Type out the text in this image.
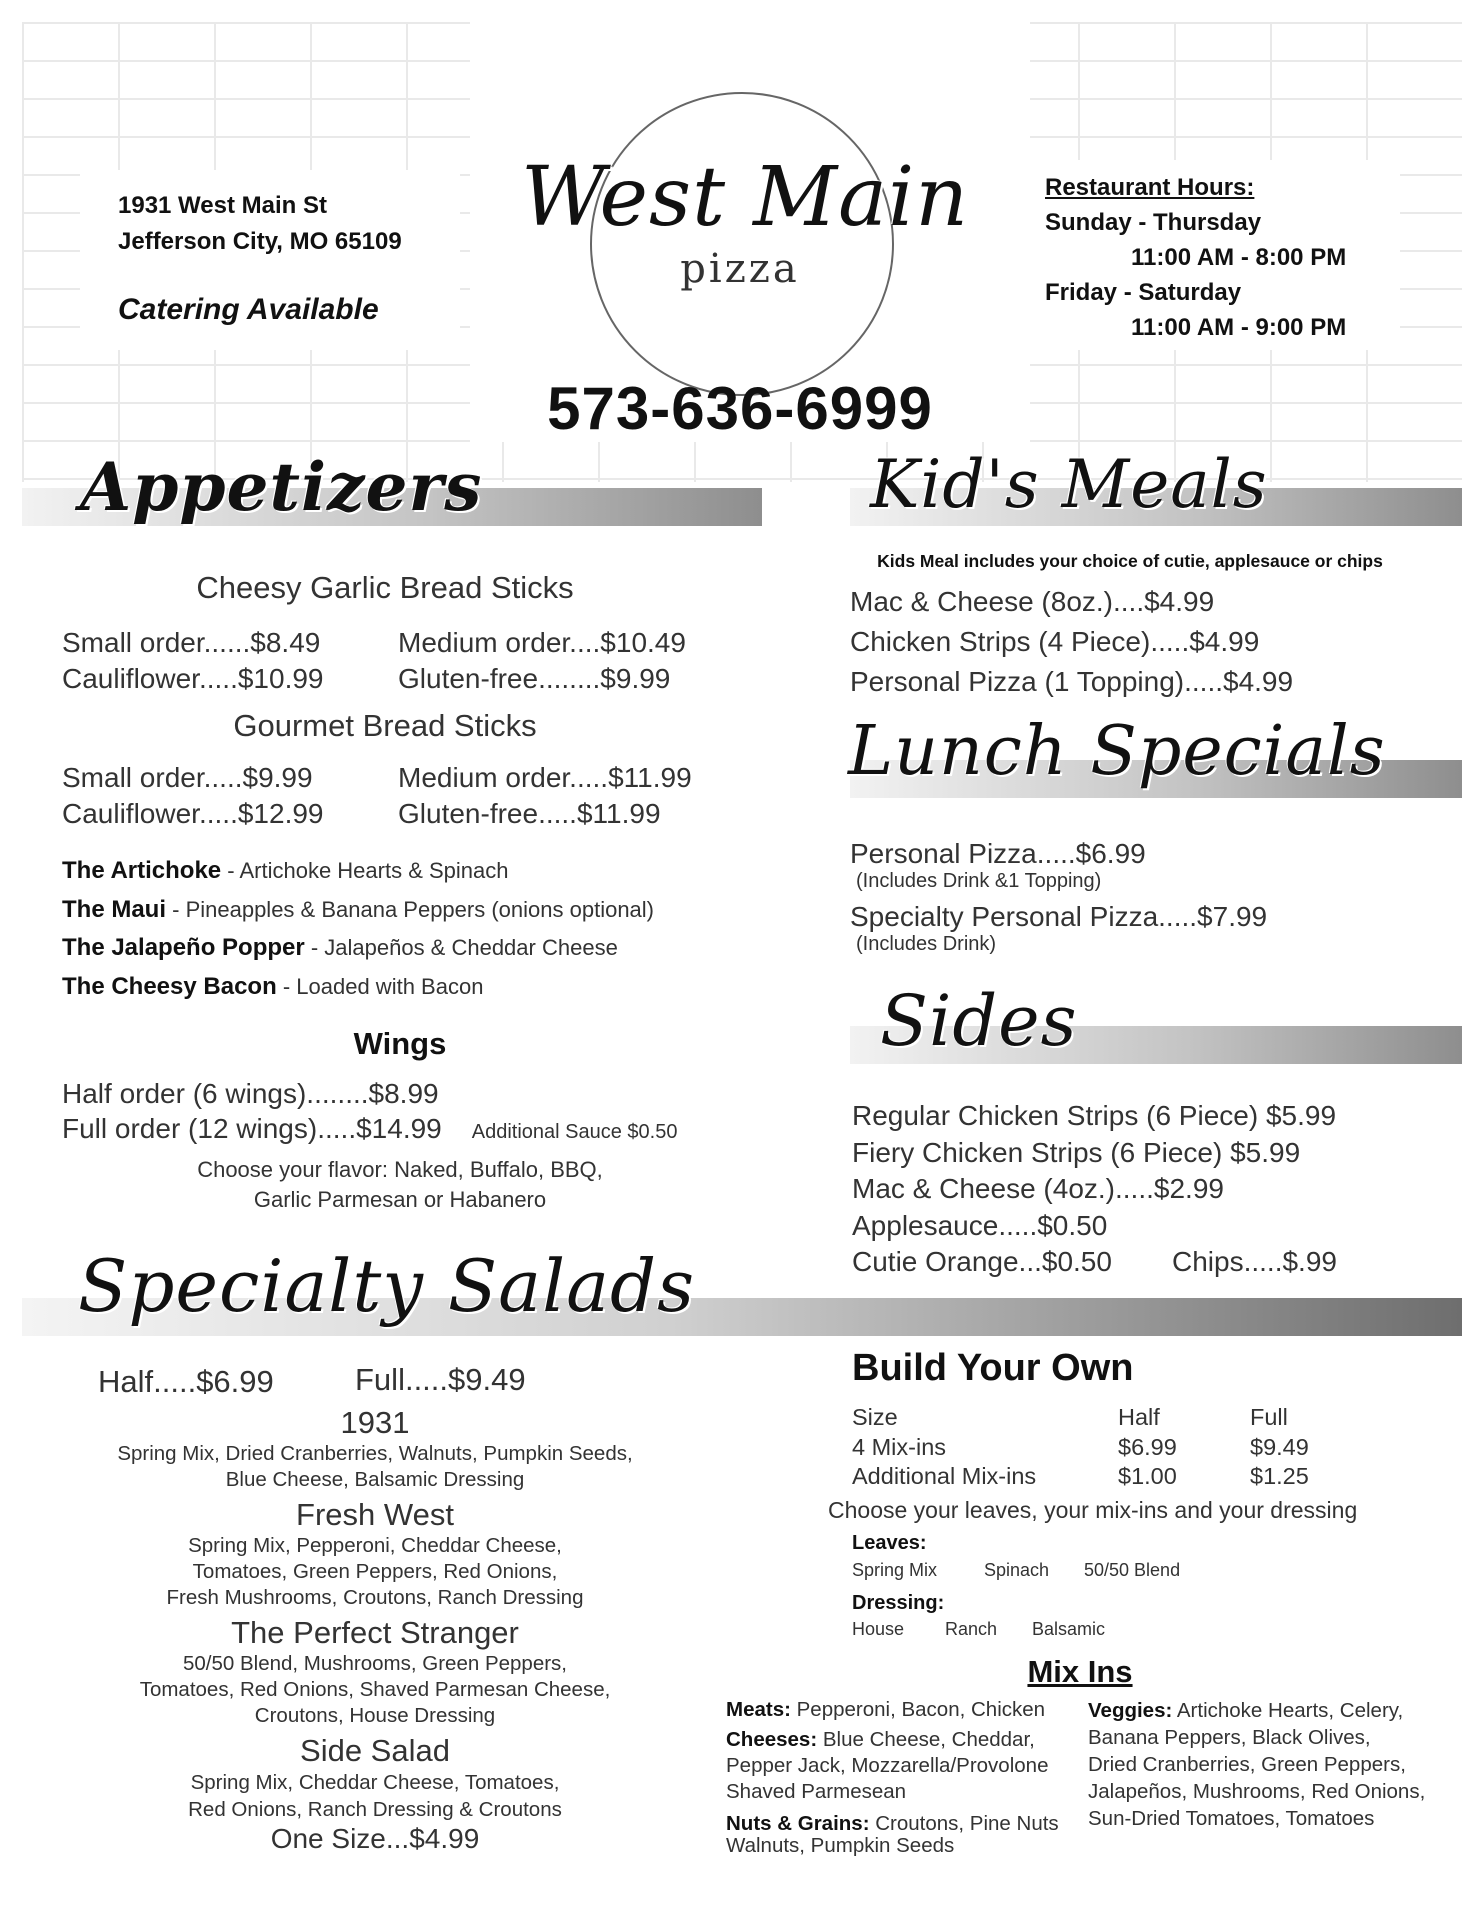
1931 West Main St
Jefferson City, MO 65109
Catering Available
West Main
pizza
573-636-6999
Restaurant Hours:
Sunday - Thursday
11:00 AM - 8:00 PM
Friday - Saturday
11:00 AM - 9:00 PM
Appetizers
Cheesy Garlic Bread Sticks
Small order......$8.49	Medium order....$10.49
Cauliflower.....$10.99	Gluten-free........$9.99
Gourmet Bread Sticks
Small order.....$9.99	Medium order.....$11.99
Cauliflower.....$12.99	Gluten-free.....$11.99
The Artichoke - Artichoke Hearts & Spinach
The Maui - Pineapples & Banana Peppers (onions optional)
The Jalapeño Popper - Jalapeños & Cheddar Cheese
The Cheesy Bacon - Loaded with Bacon
Wings
Half order (6 wings)........$8.99
Full order (12 wings).....$14.99 Additional Sauce $0.50
Choose your flavor: Naked, Buffalo, BBQ,
Garlic Parmesan or Habanero
Kid's Meals
Kids Meal includes your choice of cutie, applesauce or chips
Mac & Cheese (8oz.)....$4.99
Chicken Strips (4 Piece).....$4.99
Personal Pizza (1 Topping).....$4.99
Lunch Specials
Personal Pizza.....$6.99
(Includes Drink &1 Topping)
Specialty Personal Pizza.....$7.99
(Includes Drink)
Sides
Regular Chicken Strips (6 Piece) $5.99
Fiery Chicken Strips (6 Piece) $5.99
Mac & Cheese (4oz.).....$2.99
Applesauce.....$0.50
Cutie Orange...$0.50 Chips.....$.99
Specialty Salads
Half.....$6.99	Full.....$9.49
1931
Spring Mix, Dried Cranberries, Walnuts, Pumpkin Seeds,
Blue Cheese, Balsamic Dressing
Fresh West
Spring Mix, Pepperoni, Cheddar Cheese,
Tomatoes, Green Peppers, Red Onions,
Fresh Mushrooms, Croutons, Ranch Dressing
The Perfect Stranger
50/50 Blend, Mushrooms, Green Peppers,
Tomatoes, Red Onions, Shaved Parmesan Cheese,
Croutons, House Dressing
Side Salad
Spring Mix, Cheddar Cheese, Tomatoes,
Red Onions, Ranch Dressing & Croutons
One Size...$4.99
Build Your Own
Size	Half	Full
4 Mix-ins	$6.99	$9.49
Additional Mix-ins	$1.00	$1.25
Choose your leaves, your mix-ins and your dressing
Leaves:
Spring Mix	Spinach 50/50 Blend
Dressing:
House Ranch Balsamic
Mix Ins
Meats: Pepperoni, Bacon, Chicken
Cheeses: Blue Cheese, Cheddar,
Pepper Jack, Mozzarella/Provolone
Shaved Parmesean
Nuts & Grains: Croutons, Pine Nuts
Walnuts, Pumpkin Seeds
Veggies: Artichoke Hearts, Celery,
Banana Peppers, Black Olives,
Dried Cranberries, Green Peppers,
Jalapeños, Mushrooms, Red Onions,
Sun-Dried Tomatoes, Tomatoes
